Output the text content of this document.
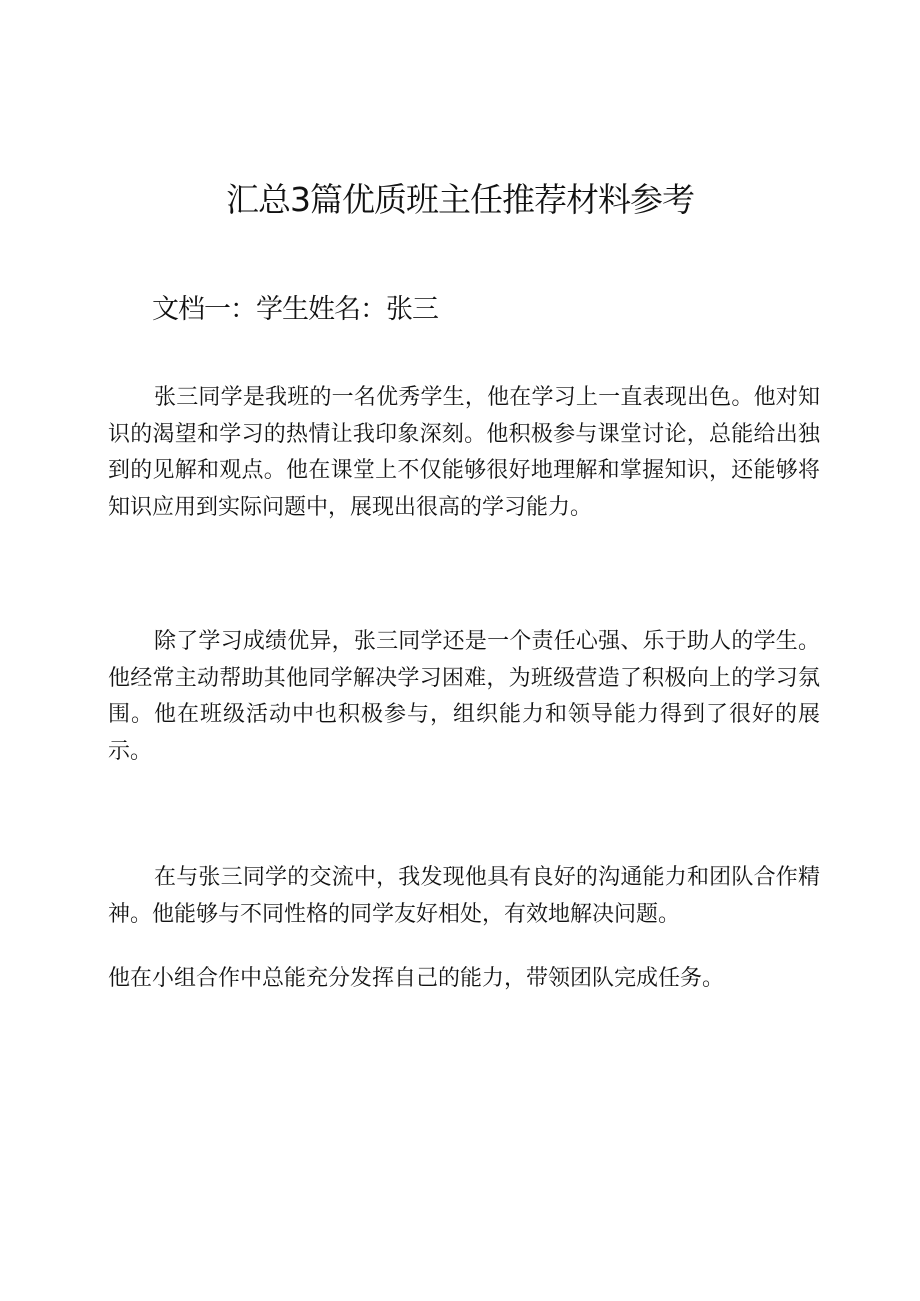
汇总3篇优质班主任推荐材料参考
文档一：学生姓名：张三

张三同学是我班的一名优秀学生，他在学习上一直表现出色。他对知识的渴望和学习的热情让我印象深刻。他积极参与课堂讨论，总能给出独到的见解和观点。他在课堂上不仅能够很好地理解和掌握知识，还能够将知识应用到实际问题中，展现出很高的学习能力。

除了学习成绩优异，张三同学还是一个责任心强、乐于助人的学生。他经常主动帮助其他同学解决学习困难，为班级营造了积极向上的学习氛围。他在班级活动中也积极参与，组织能力和领导能力得到了很好的展示。

在与张三同学的交流中，我发现他具有良好的沟通能力和团队合作精神。他能够与不同性格的同学友好相处，有效地解决问题。

他在小组合作中总能充分发挥自己的能力，带领团队完成任务。
